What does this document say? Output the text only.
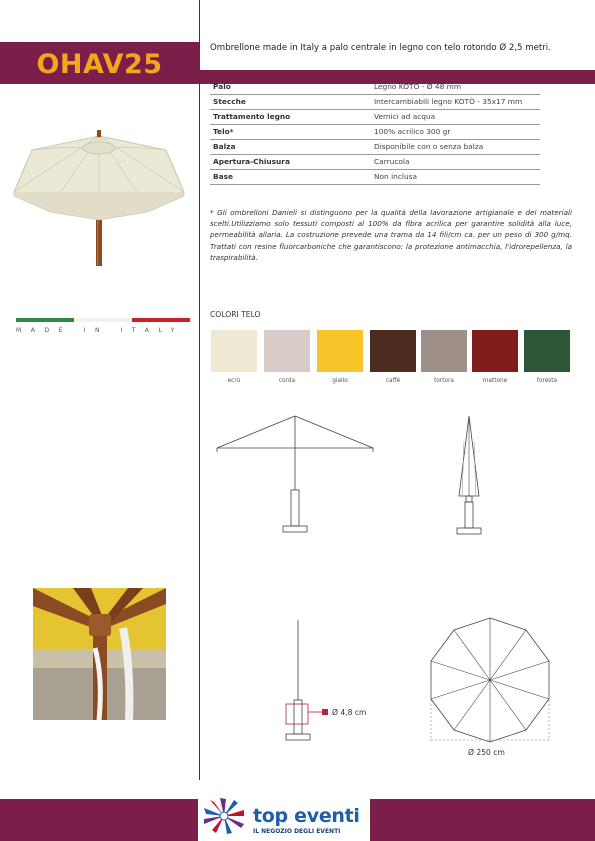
OHAV25
Ombrellone made in Italy a palo centrale in legno con telo rotondo Ø 2,5 metri.
Palo	Legno KOTÒ - Ø 48 mm
Stecche	Intercambiabili legno KOTÒ - 35x17 mm
Trattamento legno	Vernici ad acqua
Telo*	100% acrilico 300 gr
Balza	Disponibile con o senza balza
Apertura-Chiusura	Carrucola
Base	Non inclusa
* Gli ombrelloni Danieli si distinguono per la qualità della lavorazione artigianale e dei materiali scelti.Utilizziamo solo tessuti composti al 100% da fibra acrilica per garantire solidità alla luce, permeabilità allaria. La costruzione prevede una trama da 14 fili/cm ca. per un peso di 300 g/mq. Trattati con resine fluorcarboniche che garantiscono: la protezione antimacchia, l'idrorepellenza, la traspirabilità.
MADE IN ITALY
COLORI TELO
ecrù	corda	giallo	caffè	tortora	mattone	foresta
Ø 4,8 cm
Ø 250 cm
top eventi
IL NEGOZIO DEGLI EVENTI
